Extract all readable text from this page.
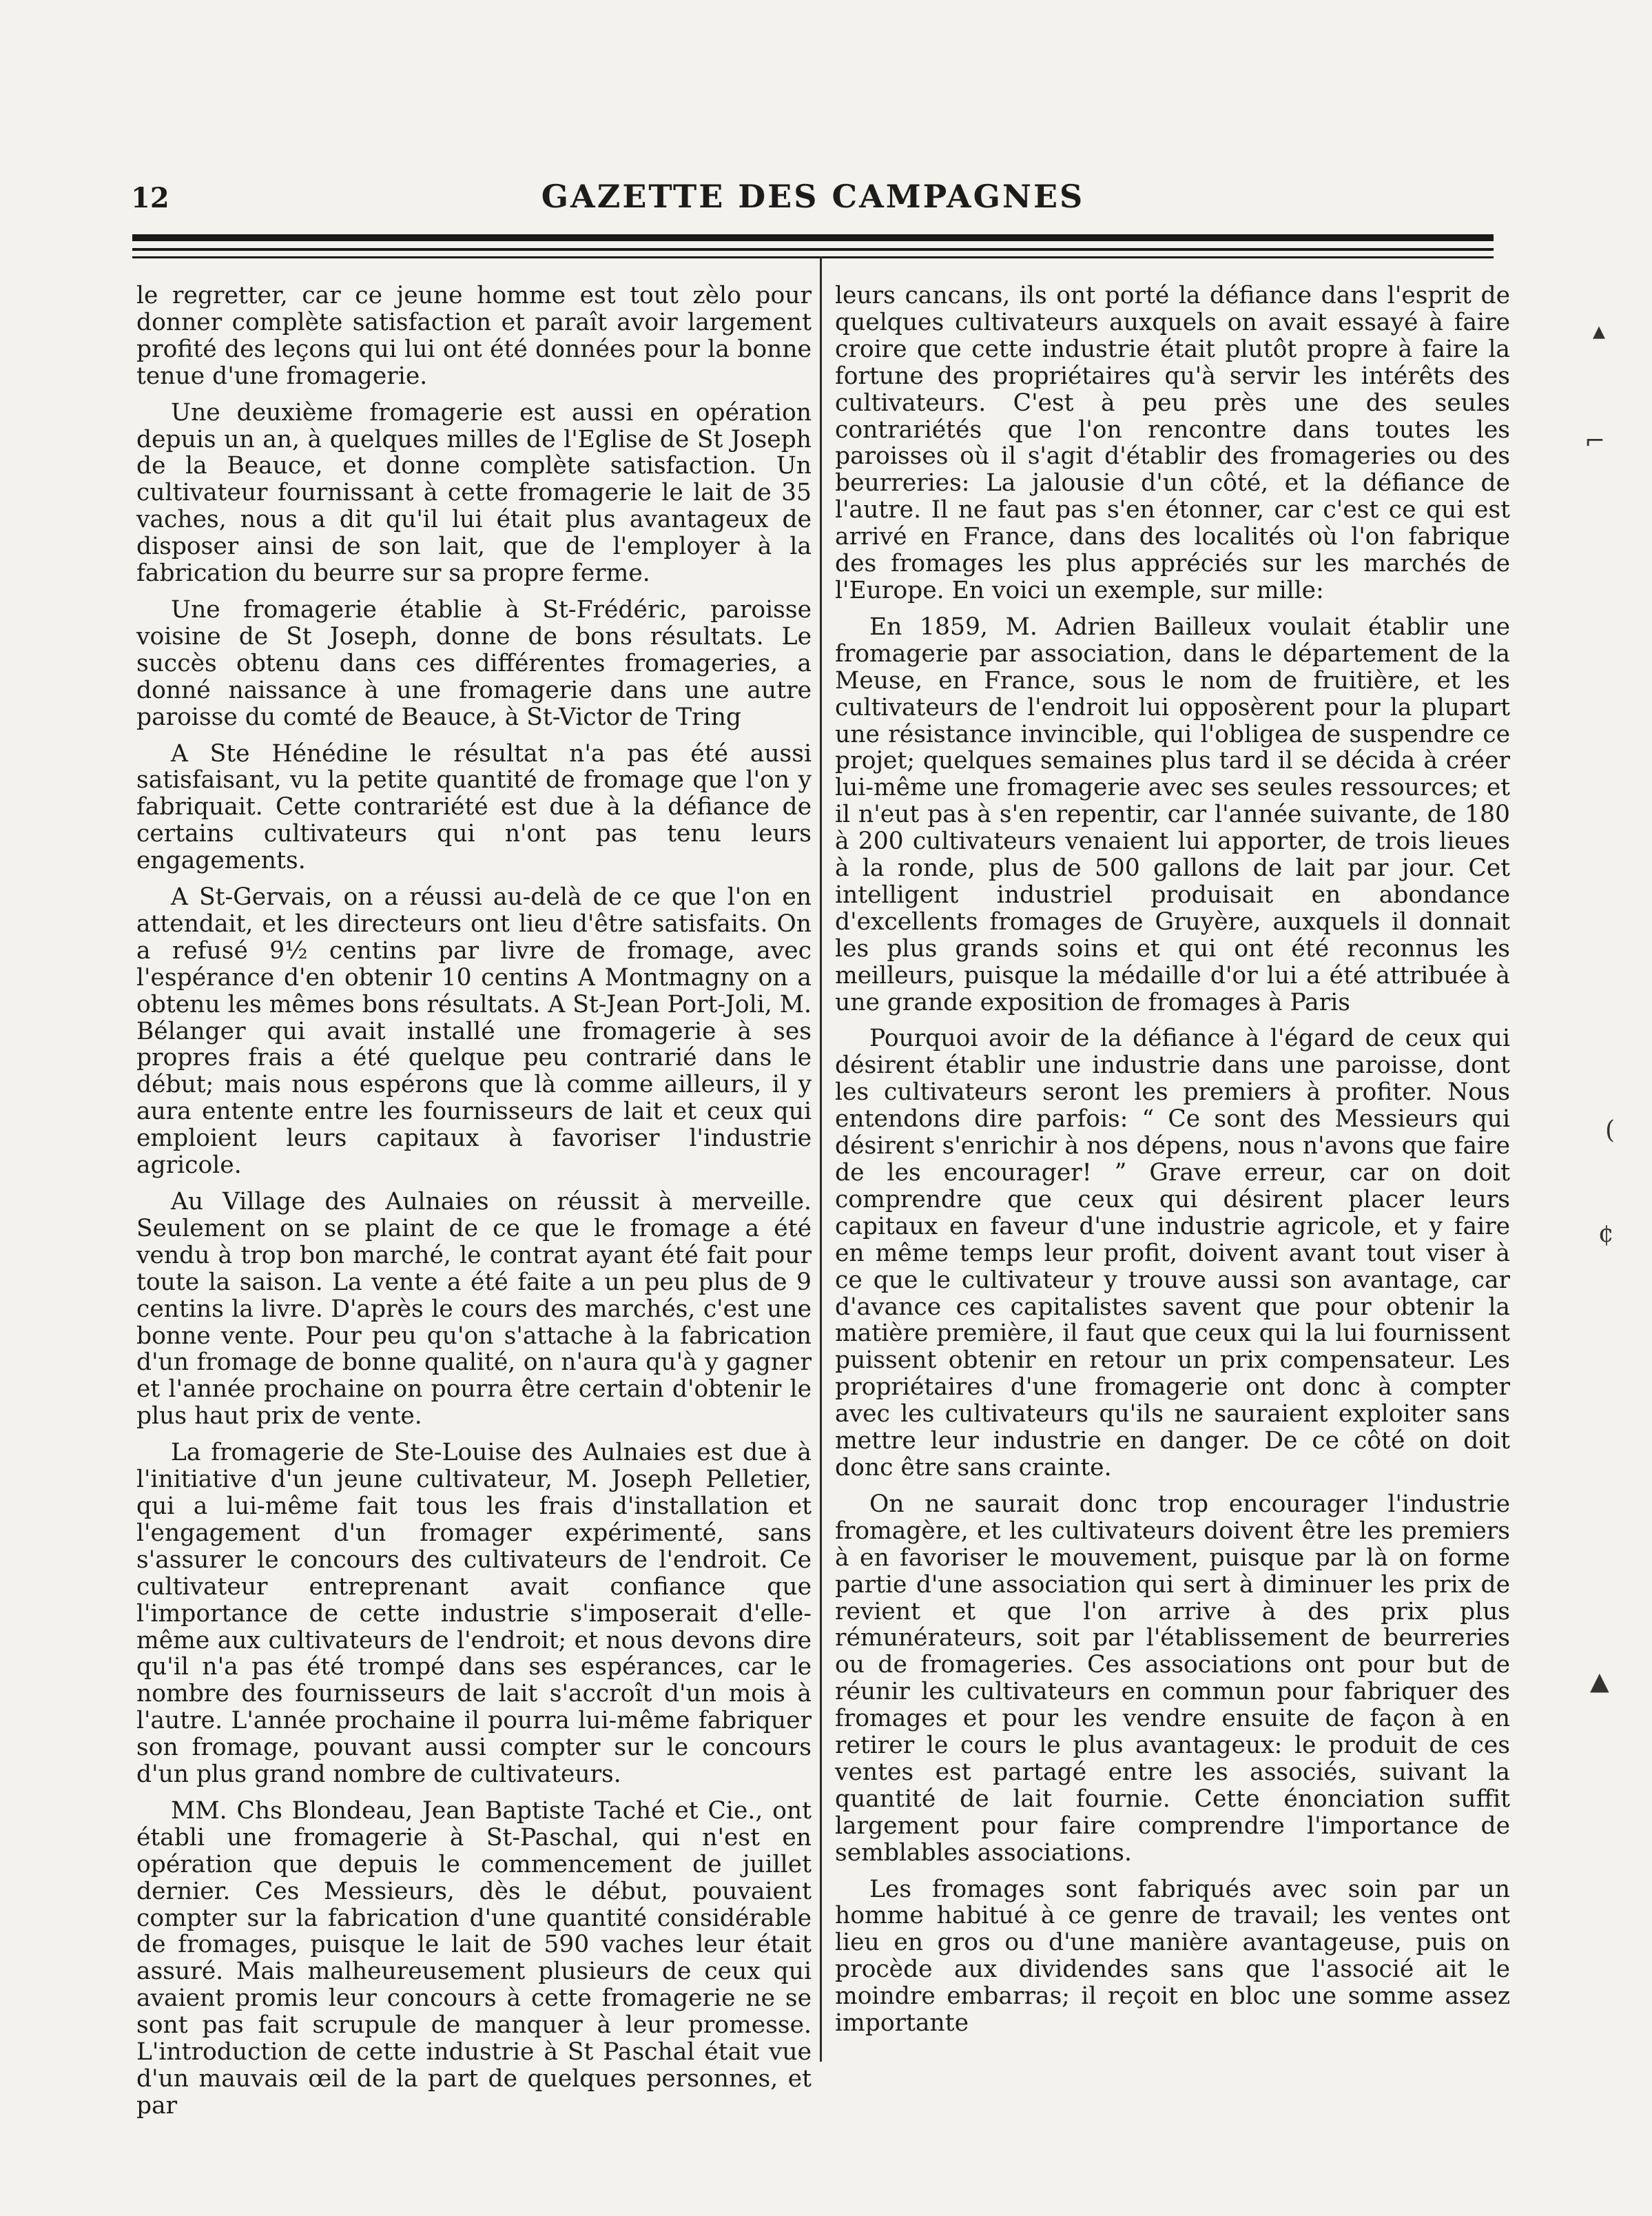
12	GAZETTE DES CAMPAGNES

le regretter, car ce jeune homme est tout zèlo pour donner complète satisfaction et paraît avoir largement profité des leçons qui lui ont été données pour la bonne tenue d'une fromagerie.

Une deuxième fromagerie est aussi en opération depuis un an, à quelques milles de l'Eglise de St Joseph de la Beauce, et donne complète satisfaction. Un cultivateur fournissant à cette fromagerie le lait de 35 vaches, nous a dit qu'il lui était plus avantageux de disposer ainsi de son lait, que de l'employer à la fabrication du beurre sur sa propre ferme.

Une fromagerie établie à St-Frédéric, paroisse voisine de St Joseph, donne de bons résultats. Le succès obtenu dans ces différentes fromageries, a donné naissance à une fromagerie dans une autre paroisse du comté de Beauce, à St-Victor de Tring

A Ste Hénédine le résultat n'a pas été aussi satisfaisant, vu la petite quantité de fromage que l'on y fabriquait. Cette contrariété est due à la défiance de certains cultivateurs qui n'ont pas tenu leurs engagements.

A St-Gervais, on a réussi au-delà de ce que l'on en attendait, et les directeurs ont lieu d'être satisfaits. On a refusé 9½ centins par livre de fromage, avec l'espérance d'en obtenir 10 centins A Montmagny on a obtenu les mêmes bons résultats. A St-Jean Port-Joli, M. Bélanger qui avait installé une fromagerie à ses propres frais a été quelque peu contrarié dans le début; mais nous espérons que là comme ailleurs, il y aura entente entre les fournisseurs de lait et ceux qui emploient leurs capitaux à favoriser l'industrie agricole.

Au Village des Aulnaies on réussit à merveille. Seulement on se plaint de ce que le fromage a été vendu à trop bon marché, le contrat ayant été fait pour toute la saison. La vente a été faite a un peu plus de 9 centins la livre. D'après le cours des marchés, c'est une bonne vente. Pour peu qu'on s'attache à la fabrication d'un fromage de bonne qualité, on n'aura qu'à y gagner et l'année prochaine on pourra être certain d'obtenir le plus haut prix de vente.

La fromagerie de Ste-Louise des Aulnaies est due à l'initiative d'un jeune cultivateur, M. Joseph Pelletier, qui a lui-même fait tous les frais d'installation et l'engagement d'un fromager expérimenté, sans s'assurer le concours des cultivateurs de l'endroit. Ce cultivateur entreprenant avait confiance que l'importance de cette industrie s'imposerait d'elle-même aux cultivateurs de l'endroit; et nous devons dire qu'il n'a pas été trompé dans ses espérances, car le nombre des fournisseurs de lait s'accroît d'un mois à l'autre. L'année prochaine il pourra lui-même fabriquer son fromage, pouvant aussi compter sur le concours d'un plus grand nombre de cultivateurs.

MM. Chs Blondeau, Jean Baptiste Taché et Cie., ont établi une fromagerie à St-Paschal, qui n'est en opération que depuis le commencement de juillet dernier. Ces Messieurs, dès le début, pouvaient compter sur la fabrication d'une quantité considérable de fromages, puisque le lait de 590 vaches leur était assuré. Mais malheureusement plusieurs de ceux qui avaient promis leur concours à cette fromagerie ne se sont pas fait scrupule de manquer à leur promesse. L'introduction de cette industrie à St Paschal était vue d'un mauvais œil de la part de quelques personnes, et par

leurs cancans, ils ont porté la défiance dans l'esprit de quelques cultivateurs auxquels on avait essayé à faire croire que cette industrie était plutôt propre à faire la fortune des propriétaires qu'à servir les intérêts des cultivateurs. C'est à peu près une des seules contrariétés que l'on rencontre dans toutes les paroisses où il s'agit d'établir des fromageries ou des beurreries: La jalousie d'un côté, et la défiance de l'autre. Il ne faut pas s'en étonner, car c'est ce qui est arrivé en France, dans des localités où l'on fabrique des fromages les plus appréciés sur les marchés de l'Europe. En voici un exemple, sur mille:

En 1859, M. Adrien Bailleux voulait établir une fromagerie par association, dans le département de la Meuse, en France, sous le nom de fruitière, et les cultivateurs de l'endroit lui opposèrent pour la plupart une résistance invincible, qui l'obligea de suspendre ce projet; quelques semaines plus tard il se décida à créer lui-même une fromagerie avec ses seules ressources; et il n'eut pas à s'en repentir, car l'année suivante, de 180 à 200 cultivateurs venaient lui apporter, de trois lieues à la ronde, plus de 500 gallons de lait par jour. Cet intelligent industriel produisait en abondance d'excellents fromages de Gruyère, auxquels il donnait les plus grands soins et qui ont été reconnus les meilleurs, puisque la médaille d'or lui a été attribuée à une grande exposition de fromages à Paris

Pourquoi avoir de la défiance à l'égard de ceux qui désirent établir une industrie dans une paroisse, dont les cultivateurs seront les premiers à profiter. Nous entendons dire parfois: “ Ce sont des Messieurs qui désirent s'enrichir à nos dépens, nous n'avons que faire de les encourager! ” Grave erreur, car on doit comprendre que ceux qui désirent placer leurs capitaux en faveur d'une industrie agricole, et y faire en même temps leur profit, doivent avant tout viser à ce que le cultivateur y trouve aussi son avantage, car d'avance ces capitalistes savent que pour obtenir la matière première, il faut que ceux qui la lui fournissent puissent obtenir en retour un prix compensateur. Les propriétaires d'une fromagerie ont donc à compter avec les cultivateurs qu'ils ne sauraient exploiter sans mettre leur industrie en danger. De ce côté on doit donc être sans crainte.

On ne saurait donc trop encourager l'industrie fromagère, et les cultivateurs doivent être les premiers à en favoriser le mouvement, puisque par là on forme partie d'une association qui sert à diminuer les prix de revient et que l'on arrive à des prix plus rémunérateurs, soit par l'établissement de beurreries ou de fromageries. Ces associations ont pour but de réunir les cultivateurs en commun pour fabriquer des fromages et pour les vendre ensuite de façon à en retirer le cours le plus avantageux: le produit de ces ventes est partagé entre les associés, suivant la quantité de lait fournie. Cette énonciation suffit largement pour faire comprendre l'importance de semblables associations.

Les fromages sont fabriqués avec soin par un homme habitué à ce genre de travail; les ventes ont lieu en gros ou d'une manière avantageuse, puis on procède aux dividendes sans que l'associé ait le moindre embarras; il reçoit en bloc une somme assez importante

▴
⌐
(
¢
▲
